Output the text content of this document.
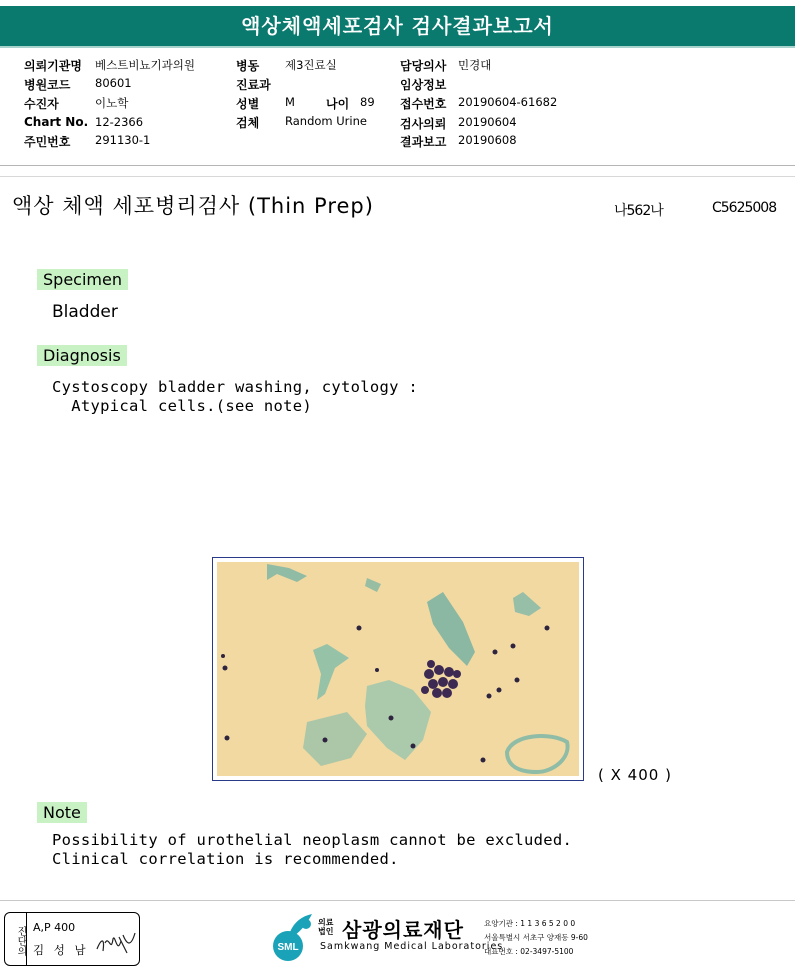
액상체액세포검사 검사결과보고서
의뢰기관명 베스트비뇨기과의원
병원코드 80601
수진자	이노학
Chart No. 12-2366
주민번호 291130-1
병동 제3진료실
진료과
성별 M	나이 89
검체 Random Urine
담당의사 민경대
임상정보
접수번호 20190604-61682
검사의뢰 20190604
결과보고 20190608
액상 체액 세포병리검사 (Thin Prep)	나562나	C5625008
Specimen
Bladder
Diagnosis
Cystoscopy bladder washing, cytology :
Atypical cells.(see note)
( X 400 )
Note
Possibility of urothelial neoplasm cannot be excluded.
Clinical correlation is recommended.
진단의 A,P 400
김 성 남	SML
의료
법인 삼광의료재단
Samkwang Medical Laboratories
요양기관 : 1 1 3 6 5 2 0 0
서울특별시 서초구 양재동 9-60
대표번호 : 02-3497-5100
